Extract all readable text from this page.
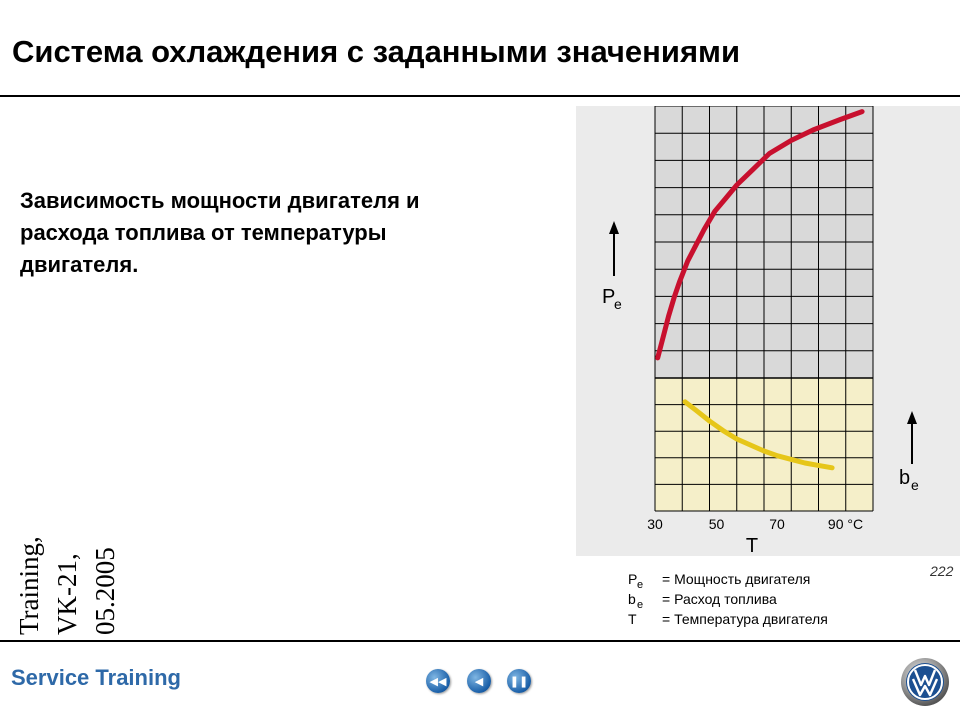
Система охлаждения с заданными значениями
Зависимость мощности двигателя и расхода топлива от температуры двигателя.
Training, VK-21, 05.2005
30	50	70	90 °C
T
P
e
b e
P e = Мощность двигателя
b e = Расход топлива
T = Температура двигателя
222
Service Training	◀◀	◀ ❚❚
